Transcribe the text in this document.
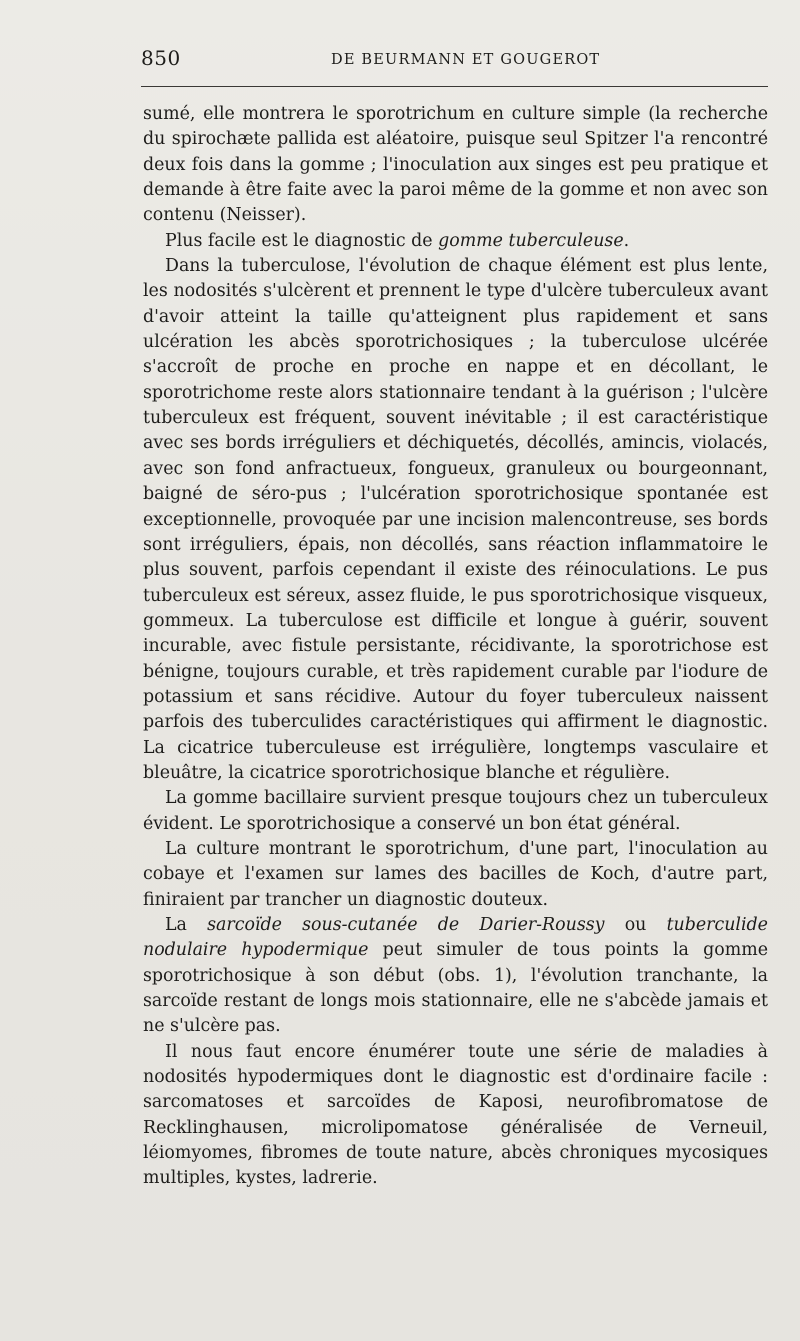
850	DE BEURMANN ET GOUGEROT

sumé, elle montrera le sporotrichum en culture simple (la recherche du spirochæte pallida est aléatoire, puisque seul Spitzer l'a rencontré deux fois dans la gomme ; l'inoculation aux singes est peu pratique et demande à être faite avec la paroi même de la gomme et non avec son contenu (Neisser).

Plus facile est le diagnostic de gomme tuberculeuse.

Dans la tuberculose, l'évolution de chaque élément est plus lente, les nodosités s'ulcèrent et prennent le type d'ulcère tuberculeux avant d'avoir atteint la taille qu'atteignent plus rapidement et sans ulcération les abcès sporotrichosiques ; la tuberculose ulcérée s'accroît de proche en proche en nappe et en décollant, le sporotrichome reste alors stationnaire tendant à la guérison ; l'ulcère tuberculeux est fréquent, souvent inévitable ; il est caractéristique avec ses bords irréguliers et déchiquetés, décollés, amincis, violacés, avec son fond anfractueux, fongueux, granuleux ou bourgeonnant, baigné de séro-pus ; l'ulcération sporotrichosique spontanée est exceptionnelle, provoquée par une incision malencontreuse, ses bords sont irréguliers, épais, non décollés, sans réaction inflammatoire le plus souvent, parfois cependant il existe des réinoculations. Le pus tuberculeux est séreux, assez fluide, le pus sporotrichosique visqueux, gommeux. La tuberculose est difficile et longue à guérir, souvent incurable, avec fistule persistante, récidivante, la sporotrichose est bénigne, toujours curable, et très rapidement curable par l'iodure de potassium et sans récidive. Autour du foyer tuberculeux naissent parfois des tuberculides caractéristiques qui affirment le diagnostic. La cicatrice tuberculeuse est irrégulière, longtemps vasculaire et bleuâtre, la cicatrice sporotrichosique blanche et régulière.

La gomme bacillaire survient presque toujours chez un tuberculeux évident. Le sporotrichosique a conservé un bon état général.

La culture montrant le sporotrichum, d'une part, l'inoculation au cobaye et l'examen sur lames des bacilles de Koch, d'autre part, finiraient par trancher un diagnostic douteux.

La sarcoïde sous-cutanée de Darier-Roussy ou tuberculide nodulaire hypodermique peut simuler de tous points la gomme sporotrichosique à son début (obs. 1), l'évolution tranchante, la sarcoïde restant de longs mois stationnaire, elle ne s'abcède jamais et ne s'ulcère pas.

Il nous faut encore énumérer toute une série de maladies à nodosités hypodermiques dont le diagnostic est d'ordinaire facile : sarcomatoses et sarcoïdes de Kaposi, neurofibromatose de Recklinghausen, microlipomatose généralisée de Verneuil, léiomyomes, fibromes de toute nature, abcès chroniques mycosiques multiples, kystes, ladrerie.
